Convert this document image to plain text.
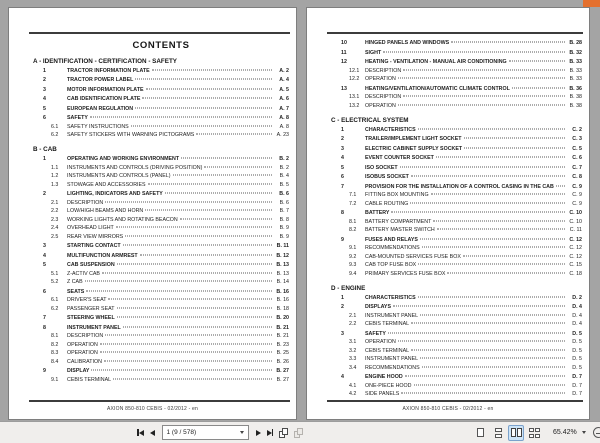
CONTENTS
A - IDENTIFICATION - CERTIFICATION - SAFETY
1	TRACTOR INFORMATION PLATE	A. 2
2	TRACTOR POWER LABEL	A. 4
3	MOTOR INFORMATION PLATE	A. 5
4	CAB IDENTIFICATION PLATE	A. 6
5	EUROPEAN REGULATION	A. 7
6	SAFETY	A. 8
6.1	SAFETY INSTRUCTIONS	A. 8
6.2	SAFETY STICKERS WITH WARNING PICTOGRAMS	A. 23
B - CAB
1	OPERATING AND WORKING ENVIRONMENT	B. 2
1.1	INSTRUMENTS AND CONTROLS (DRIVING POSITION)	B. 2
1.2	INSTRUMENTS AND CONTROLS (PANEL)	B. 4
1.3	STOWAGE AND ACCESSORIES	B. 5
2	LIGHTING, INDICATORS AND SAFETY	B. 6
2.1	DESCRIPTION	B. 6
2.2	LOW/HIGH BEAMS AND HORN	B. 7
2.3	WORKING LIGHTS AND ROTATING BEACON	B. 8
2.4	OVERHEAD LIGHT	B. 9
2.5	REAR VIEW MIRRORS	B. 9
3	STARTING CONTACT	B. 11
4	MULTIFUNCTION ARMREST	B. 12
5	CAB SUSPENSION	B. 13
5.1	Z-ACTIV CAB	B. 13
5.2	Z CAB	B. 14
6	SEATS	B. 16
6.1	DRIVER'S SEAT	B. 16
6.2	PASSENGER SEAT	B. 18
7	STEERING WHEEL	B. 20
8	INSTRUMENT PANEL	B. 21
8.1	DESCRIPTION	B. 21
8.2	OPERATION	B. 23
8.3	OPERATION	B. 25
8.4	CALIBRATION	B. 26
9	DISPLAY	B. 27
9.1	CEBIS TERMINAL	B. 27
AXION 850-810 CEBIS - 02/2012 - en
10	HINGED PANELS AND WINDOWS	B. 28
11	SIGHT	B. 32
12	HEATING - VENTILATION - MANUAL AIR CONDITIONING	B. 33
12.1	DESCRIPTION	B. 33
12.2	OPERATION	B. 33
13	HEATING/VENTILATION/AUTOMATIC CLIMATE CONTROL	B. 36
13.1	DESCRIPTION	B. 38
13.2	OPERATION	B. 38
C - ELECTRICAL SYSTEM
1	CHARACTERISTICS	C. 2
2	TRAILER/IMPLEMENT LIGHT SOCKET	C. 3
3	ELECTRIC CABINET SUPPLY SOCKET	C. 5
4	EVENT COUNTER SOCKET	C. 6
5	ISO SOCKET	C. 7
6	ISOBUS SOCKET	C. 8
7	PROVISION FOR THE INSTALLATION OF A CONTROL CASING IN THE CAB	C. 9
7.1	FITTING BOX MOUNTING	C. 9
7.2	CABLE ROUTING	C. 9
8	BATTERY	C. 10
8.1	BATTERY COMPARTMENT	C. 10
8.2	BATTERY MASTER SWITCH	C. 11
9	FUSES AND RELAYS	C. 12
9.1	RECOMMENDATIONS	C. 12
9.2	CAB-MOUNTED SERVICES FUSE BOX	C. 12
9.3	CAB TOP FUSE BOX	C. 15
9.4	PRIMARY SERVICES FUSE BOX	C. 18
D - ENGINE
1	CHARACTERISTICS	D. 2
2	DISPLAYS	D. 4
2.1	INSTRUMENT PANEL	D. 4
2.2	CEBIS TERMINAL	D. 4
3	SAFETY	D. 5
3.1	OPERATION	D. 5
3.2	CEBIS TERMINAL	D. 5
3.3	INSTRUMENT PANEL	D. 5
3.4	RECOMMENDATIONS	D. 5
4	ENGINE HOOD	D. 7
4.1	ONE-PIECE HOOD	D. 7
4.2	SIDE PANELS	D. 7
AXION 850-810 CEBIS - 02/2012 - en
1 (9 / 578)	65.42%
